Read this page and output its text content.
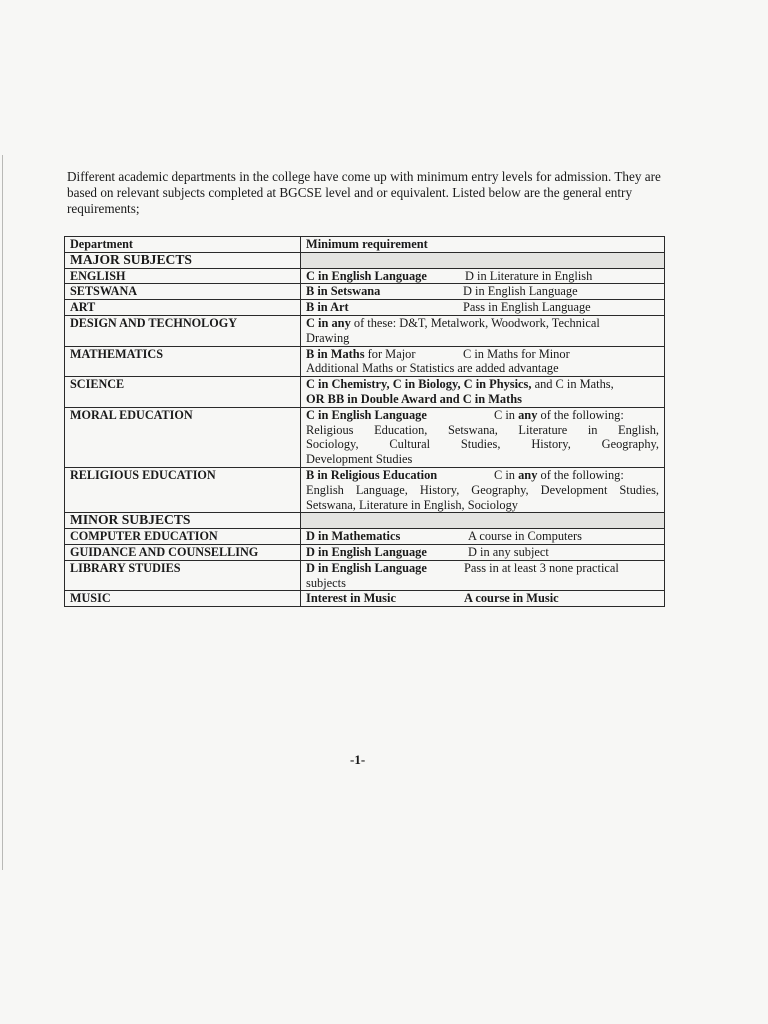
Different academic departments in the college have come up with minimum entry levels for admission. They are based on relevant subjects completed at BGCSE level and or equivalent. Listed below are the general entry requirements;

Department	Minimum requirement
MAJOR SUBJECTS	
ENGLISH	C in English Language D in Literature in English

SETSWANA	B in Setswana D in English Language

ART	B in Art Pass in English Language

DESIGN AND TECHNOLOGY	C in any of these: D&T, Metalwork, Woodwork, Technical
Drawing

MATHEMATICS	B in Maths for Major C in Maths for Minor
Additional Maths or Statistics are added advantage

SCIENCE	C in Chemistry, C in Biology, C in Physics, and C in Maths,
OR BB in Double Award and C in Maths

MORAL EDUCATION	C in English Language C in any of the following:
Religious Education, Setswana, Literature in English,
Sociology, Cultural Studies, History, Geography,
Development Studies

RELIGIOUS EDUCATION	B in Religious Education C in any of the following:
English Language, History, Geography, Development Studies,
Setswana, Literature in English, Sociology

MINOR SUBJECTS	
COMPUTER EDUCATION	D in Mathematics A course in Computers

GUIDANCE AND COUNSELLING	D in English Language D in any subject

LIBRARY STUDIES	D in English Language Pass in at least 3 none practical
subjects

MUSIC	Interest in Music A course in Music
-1-
